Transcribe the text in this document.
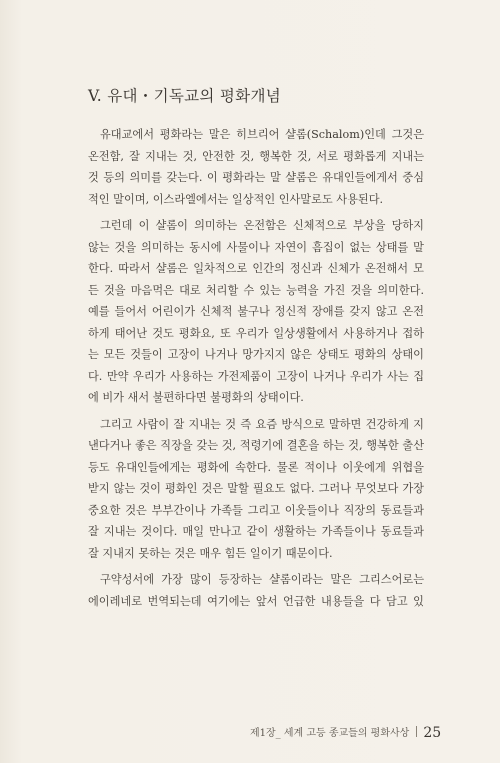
V. 유대・기독교의 평화개념
유대교에서 평화라는 말은 히브리어 샬롬(Schalom)인데 그것은
온전함, 잘 지내는 것, 안전한 것, 행복한 것, 서로 평화롭게 지내는
것 등의 의미를 갖는다. 이 평화라는 말 샬롬은 유대인들에게서 중심
적인 말이며, 이스라엘에서는 일상적인 인사말로도 사용된다.
그런데 이 샬롬이 의미하는 온전함은 신체적으로 부상을 당하지
않는 것을 의미하는 동시에 사물이나 자연이 흠집이 없는 상태를 말
한다. 따라서 샬롬은 일차적으로 인간의 정신과 신체가 온전해서 모
든 것을 마음먹은 대로 처리할 수 있는 능력을 가진 것을 의미한다.
예를 들어서 어린이가 신체적 불구나 정신적 장애를 갖지 않고 온전
하게 태어난 것도 평화요, 또 우리가 일상생활에서 사용하거나 접하
는 모든 것들이 고장이 나거나 망가지지 않은 상태도 평화의 상태이
다. 만약 우리가 사용하는 가전제품이 고장이 나거나 우리가 사는 집
에 비가 새서 불편하다면 불평화의 상태이다.
그리고 사람이 잘 지내는 것 즉 요즘 방식으로 말하면 건강하게 지
낸다거나 좋은 직장을 갖는 것, 적령기에 결혼을 하는 것, 행복한 출산
등도 유대인들에게는 평화에 속한다. 물론 적이나 이웃에게 위협을
받지 않는 것이 평화인 것은 말할 필요도 없다. 그러나 무엇보다 가장
중요한 것은 부부간이나 가족들 그리고 이웃들이나 직장의 동료들과
잘 지내는 것이다. 매일 만나고 같이 생활하는 가족들이나 동료들과
잘 지내지 못하는 것은 매우 힘든 일이기 때문이다.
구약성서에 가장 많이 등장하는 샬롬이라는 말은 그리스어로는
에이레네로 번역되는데 여기에는 앞서 언급한 내용들을 다 담고 있
제1장_ 세계 고등 종교들의 평화사상 25
